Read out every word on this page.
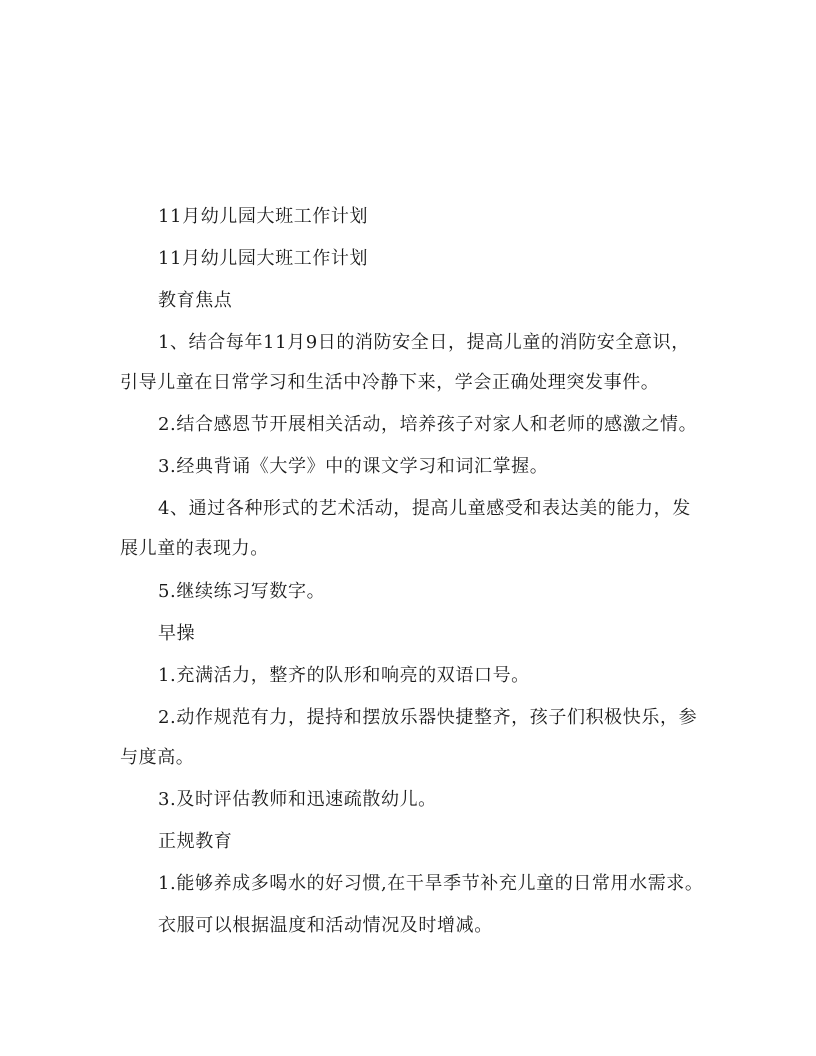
11月幼儿园大班工作计划
11月幼儿园大班工作计划
教育焦点
1、结合每年11月9日的消防安全日，提高儿童的消防安全意识，
引导儿童在日常学习和生活中冷静下来，学会正确处理突发事件。
2.结合感恩节开展相关活动，培养孩子对家人和老师的感激之情。
3.经典背诵《大学》中的课文学习和词汇掌握。
4、通过各种形式的艺术活动，提高儿童感受和表达美的能力，发
展儿童的表现力。
5.继续练习写数字。
早操
1.充满活力，整齐的队形和响亮的双语口号。
2.动作规范有力，提持和摆放乐器快捷整齐，孩子们积极快乐，参
与度高。
3.及时评估教师和迅速疏散幼儿。
正规教育
1.能够养成多喝水的好习惯,在干旱季节补充儿童的日常用水需求。
衣服可以根据温度和活动情况及时增减。
